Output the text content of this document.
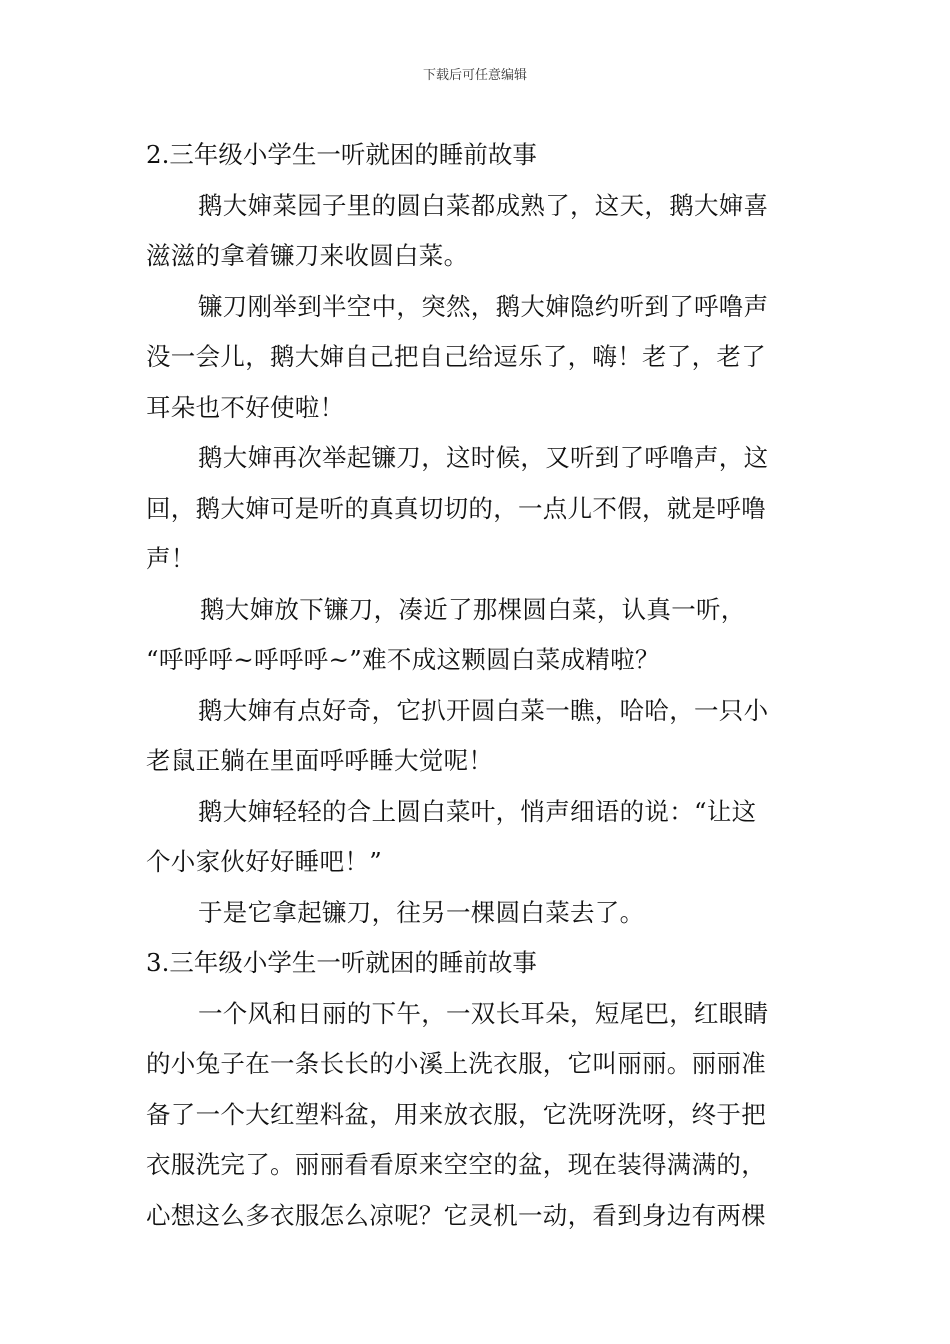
下载后可任意编辑
2.三年级小学生一听就困的睡前故事
鹅大婶菜园子里的圆白菜都成熟了，这天，鹅大婶喜
滋滋的拿着镰刀来收圆白菜。
镰刀刚举到半空中，突然，鹅大婶隐约听到了呼噜声
没一会儿，鹅大婶自己把自己给逗乐了，嗨！老了，老了
耳朵也不好使啦！
鹅大婶再次举起镰刀，这时候，又听到了呼噜声，这
回，鹅大婶可是听的真真切切的，一点儿不假，就是呼噜
声！
鹅大婶放下镰刀，凑近了那棵圆白菜，认真一听，
“呼呼呼~呼呼呼~”难不成这颗圆白菜成精啦？
鹅大婶有点好奇，它扒开圆白菜一瞧，哈哈，一只小
老鼠正躺在里面呼呼睡大觉呢！
鹅大婶轻轻的合上圆白菜叶，悄声细语的说：“让这
个小家伙好好睡吧！”
于是它拿起镰刀，往另一棵圆白菜去了。
3.三年级小学生一听就困的睡前故事
一个风和日丽的下午，一双长耳朵，短尾巴，红眼睛
的小兔子在一条长长的小溪上洗衣服，它叫丽丽。丽丽准
备了一个大红塑料盆，用来放衣服，它洗呀洗呀，终于把
衣服洗完了。丽丽看看原来空空的盆，现在装得满满的，
心想这么多衣服怎么凉呢？它灵机一动，看到身边有两棵
